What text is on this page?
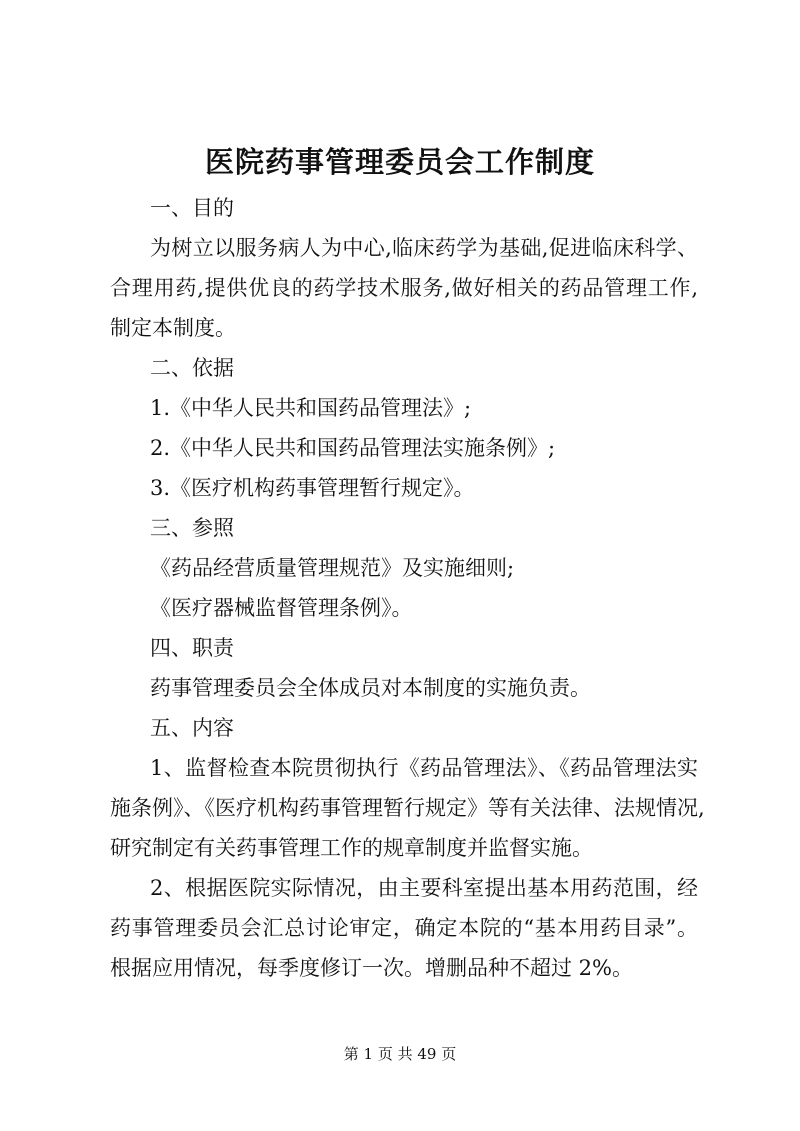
医院药事管理委员会工作制度
一、目的
为树立以服务病人为中心,临床药学为基础,促进临床科学、
合理用药,提供优良的药学技术服务,做好相关的药品管理工作,
制定本制度。
二、依据
1.《中华人民共和国药品管理法》;
2.《中华人民共和国药品管理法实施条例》;
3.《医疗机构药事管理暂行规定》。
三、参照
《药品经营质量管理规范》及实施细则;
《医疗器械监督管理条例》。
四、职责
药事管理委员会全体成员对本制度的实施负责。
五、内容
1、监督检查本院贯彻执行《药品管理法》、《药品管理法实
施条例》、《医疗机构药事管理暂行规定》等有关法律、法规情况,
研究制定有关药事管理工作的规章制度并监督实施。
2、根据医院实际情况，由主要科室提出基本用药范围，经
药事管理委员会汇总讨论审定，确定本院的“基本用药目录”。
根据应用情况，每季度修订一次。增删品种不超过 2%。
第 1 页 共 49 页
